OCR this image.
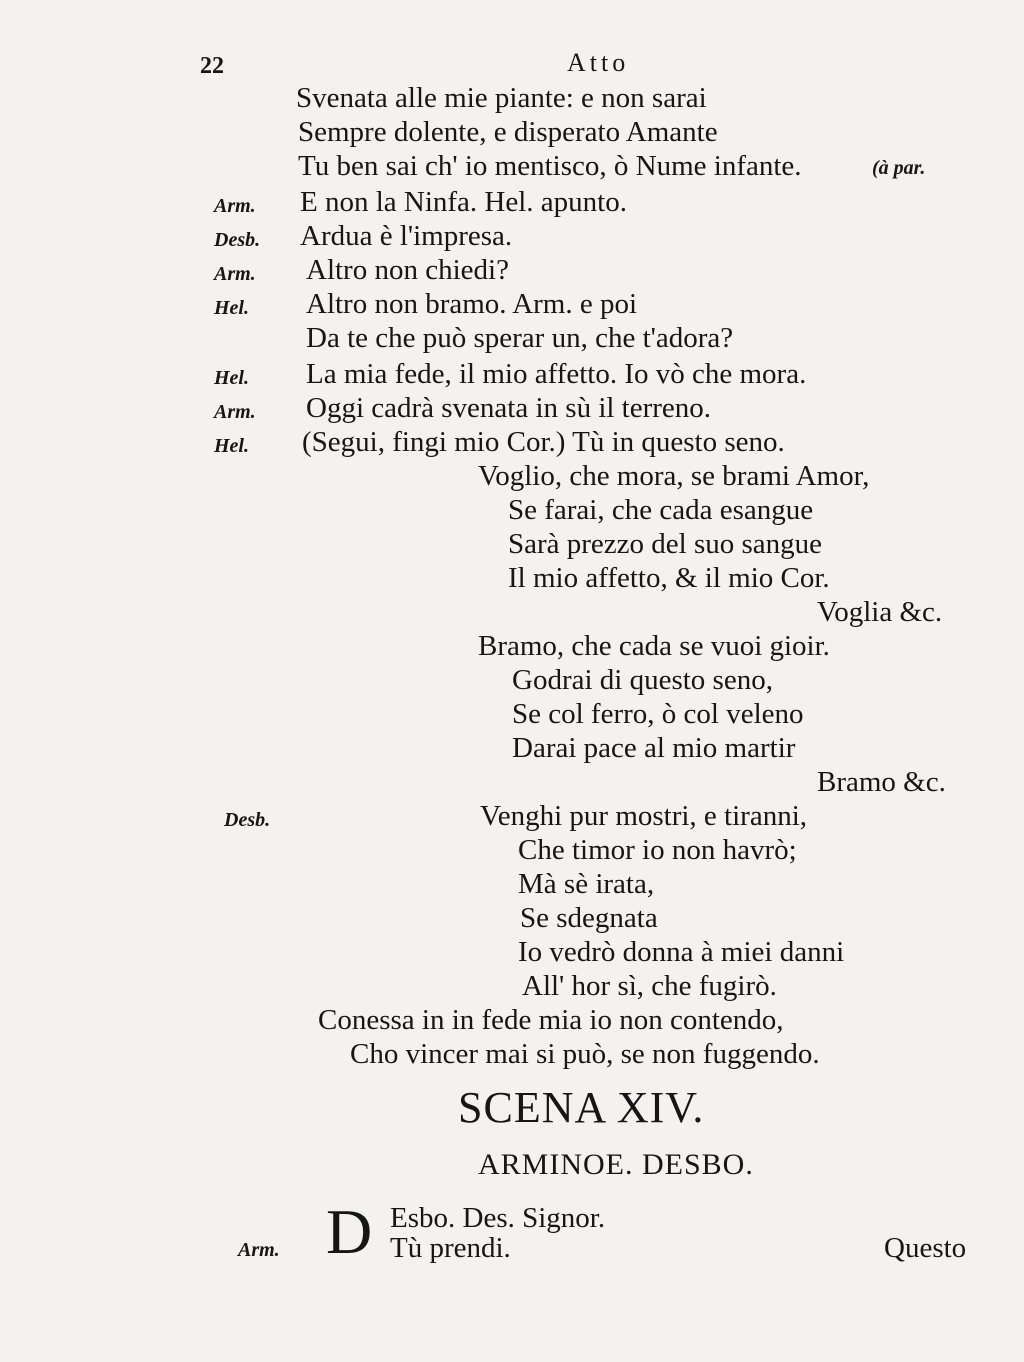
22	Atto
Svenata alle mie piante: e non sarai
Sempre dolente, e disperato Amante
Tu ben sai ch' io mentisco, ò Nume infante.	(à par.
Arm. E non la Ninfa. Hel. apunto.
Desb. Ardua è l'impresa.
Arm. Altro non chiedi?
Hel. Altro non bramo. Arm. e poi
Da te che può sperar un, che t'adora?
Hel. La mia fede, il mio affetto. Io vò che mora.
Arm. Oggi cadrà svenata in sù il terreno.
Hel. (Segui, fingi mio Cor.) Tù in questo seno.
Voglio, che mora, se brami Amor,
Se farai, che cada esangue
Sarà prezzo del suo sangue
Il mio affetto, & il mio Cor.
Voglia &c.
Bramo, che cada se vuoi gioir.
Godrai di questo seno,
Se col ferro, ò col veleno
Darai pace al mio martir
Bramo &c.
Desb.	Venghi pur mostri, e tiranni,
Che timor io non havrò;
Mà sè irata,
Se sdegnata
Io vedrò donna à miei danni
All' hor sì, che fugirò.
Conessa in in fede mia io non contendo,
Cho vincer mai si può, se non fuggendo.
SCENA XIV.
ARMINOE. DESBO.
D Esbo. Des. Signor.
Arm.	Tù prendi.	Questo
